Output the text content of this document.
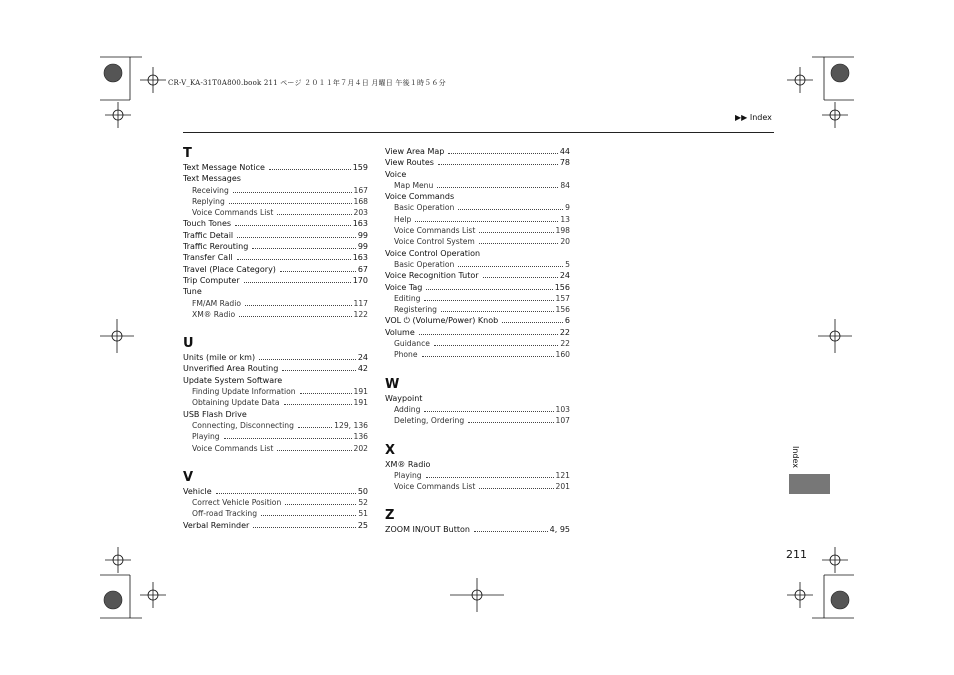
CR-V_KA-31T0A800.book 211 ページ ２０１１年７月４日 月曜日 午後１時５６分
▶▶ Index
T
Text Message Notice	159
Text Messages
Receiving	167
Replying	168
Voice Commands List	203
Touch Tones	163
Traffic Detail	99
Traffic Rerouting	99
Transfer Call	163
Travel (Place Category)	67
Trip Computer	170
Tune
FM/AM Radio	117
XM® Radio	122
U
Units (mile or km)	24
Unverified Area Routing	42
Update System Software
Finding Update Information	191
Obtaining Update Data	191
USB Flash Drive
Connecting, Disconnecting	129, 136
Playing	136
Voice Commands List	202
V
Vehicle	50
Correct Vehicle Position	52
Off-road Tracking	51
Verbal Reminder	25
View Area Map	44
View Routes	78
Voice
Map Menu	84
Voice Commands
Basic Operation	9
Help	13
Voice Commands List	198
Voice Control System	20
Voice Control Operation
Basic Operation	5
Voice Recognition Tutor	24
Voice Tag	156
Editing	157
Registering	156
VOL ⏻ (Volume/Power) Knob	6
Volume	22
Guidance	22
Phone	160
W
Waypoint
Adding	103
Deleting, Ordering	107
X
XM® Radio
Playing	121
Voice Commands List	201
Z
ZOOM IN/OUT Button	4, 95
Index
211
